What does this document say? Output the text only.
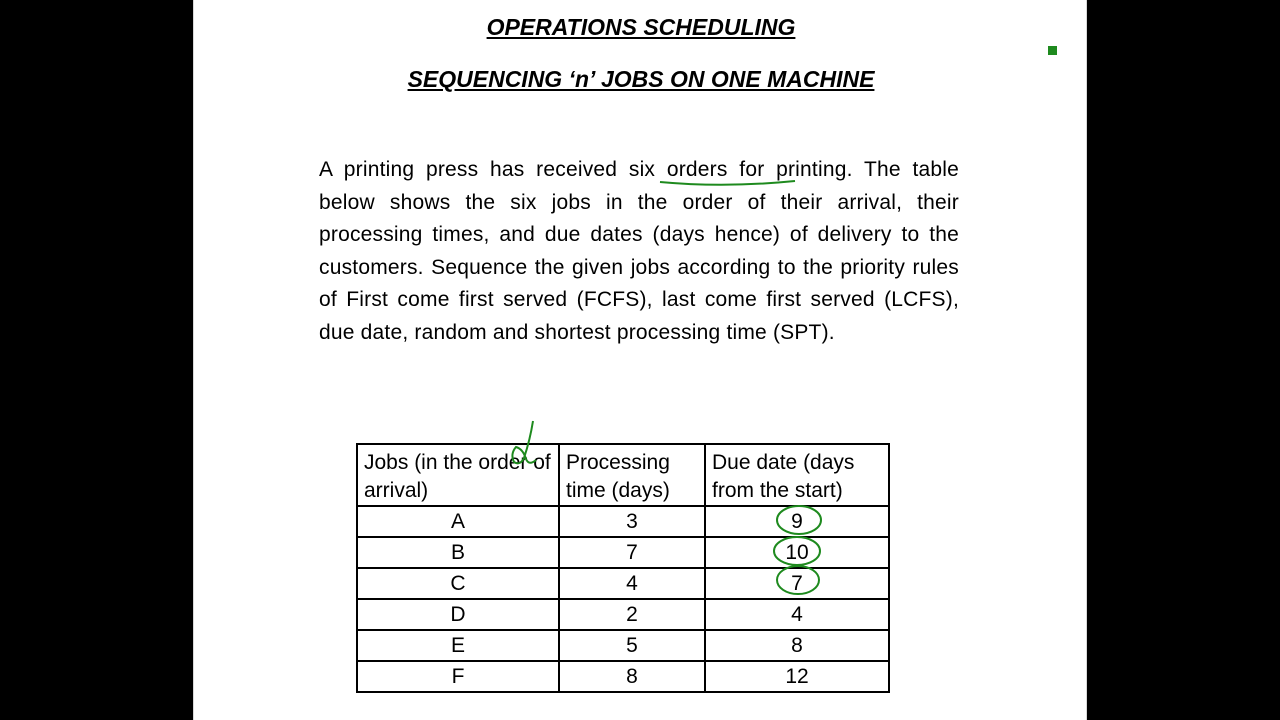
OPERATIONS SCHEDULING
SEQUENCING ‘n’ JOBS ON ONE MACHINE

A printing press has received six orders for printing. The table below shows the six jobs in the order of their arrival, their processing times, and due dates (days hence) of delivery to the customers. Sequence the given jobs according to the priority rules of First come first served (FCFS), last come first served (LCFS), due date, random and shortest processing time (SPT).

Jobs (in the order of arrival)	Processing time (days)	Due date (days from the start)
A	3	9
B	7	10
C	4	7
D	2	4
E	5	8
F	8	12
